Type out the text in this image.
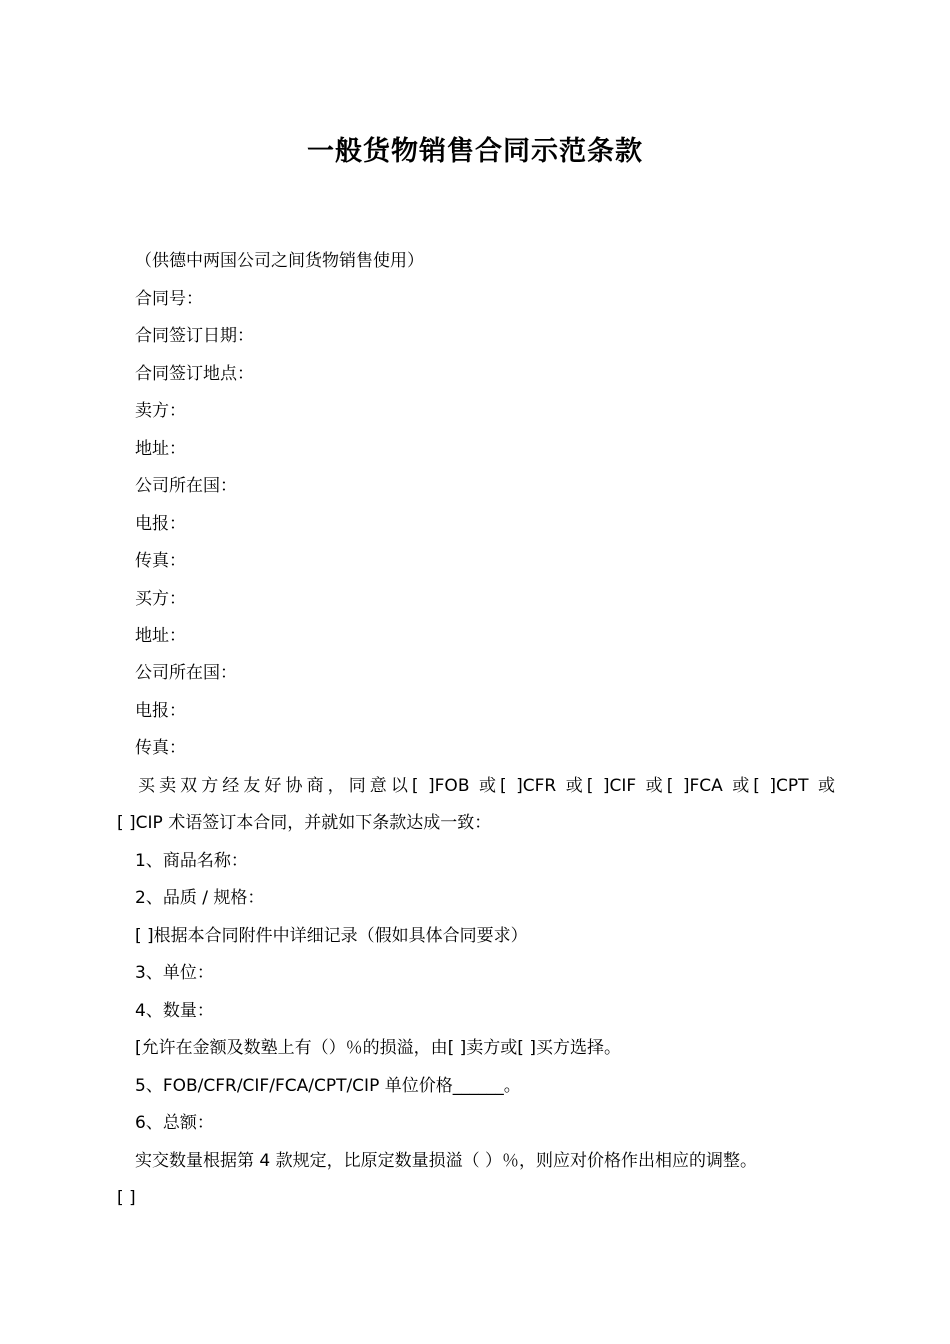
一般货物销售合同示范条款
（供德中两国公司之间货物销售使用）
合同号：
合同签订日期：
合同签订地点：
卖方：
地址：
公司所在国：
电报：
传真：
买方：
地址：
公司所在国：
电报：
传真：
买卖双方经友好协商，同意以[ ]FOB 或[ ]CFR 或[ ]CIF 或[ ]FCA 或[ ]CPT 或
[ ]CIP 术语签订本合同，并就如下条款达成一致：
1、商品名称：
2、品质 / 规格：
[ ]根据本合同附件中详细记录（假如具体合同要求）
3、单位：
4、数量：
[允许在金额及数塾上有（）％的损溢，由[ ]卖方或[ ]买方选择。
5、FOB/CFR/CIF/FCA/CPT/CIP 单位价格______。
6、总额：
实交数量根据第 4 款规定，比原定数量损溢（ ）％，则应对价格作出相应的调整。
[ ]
